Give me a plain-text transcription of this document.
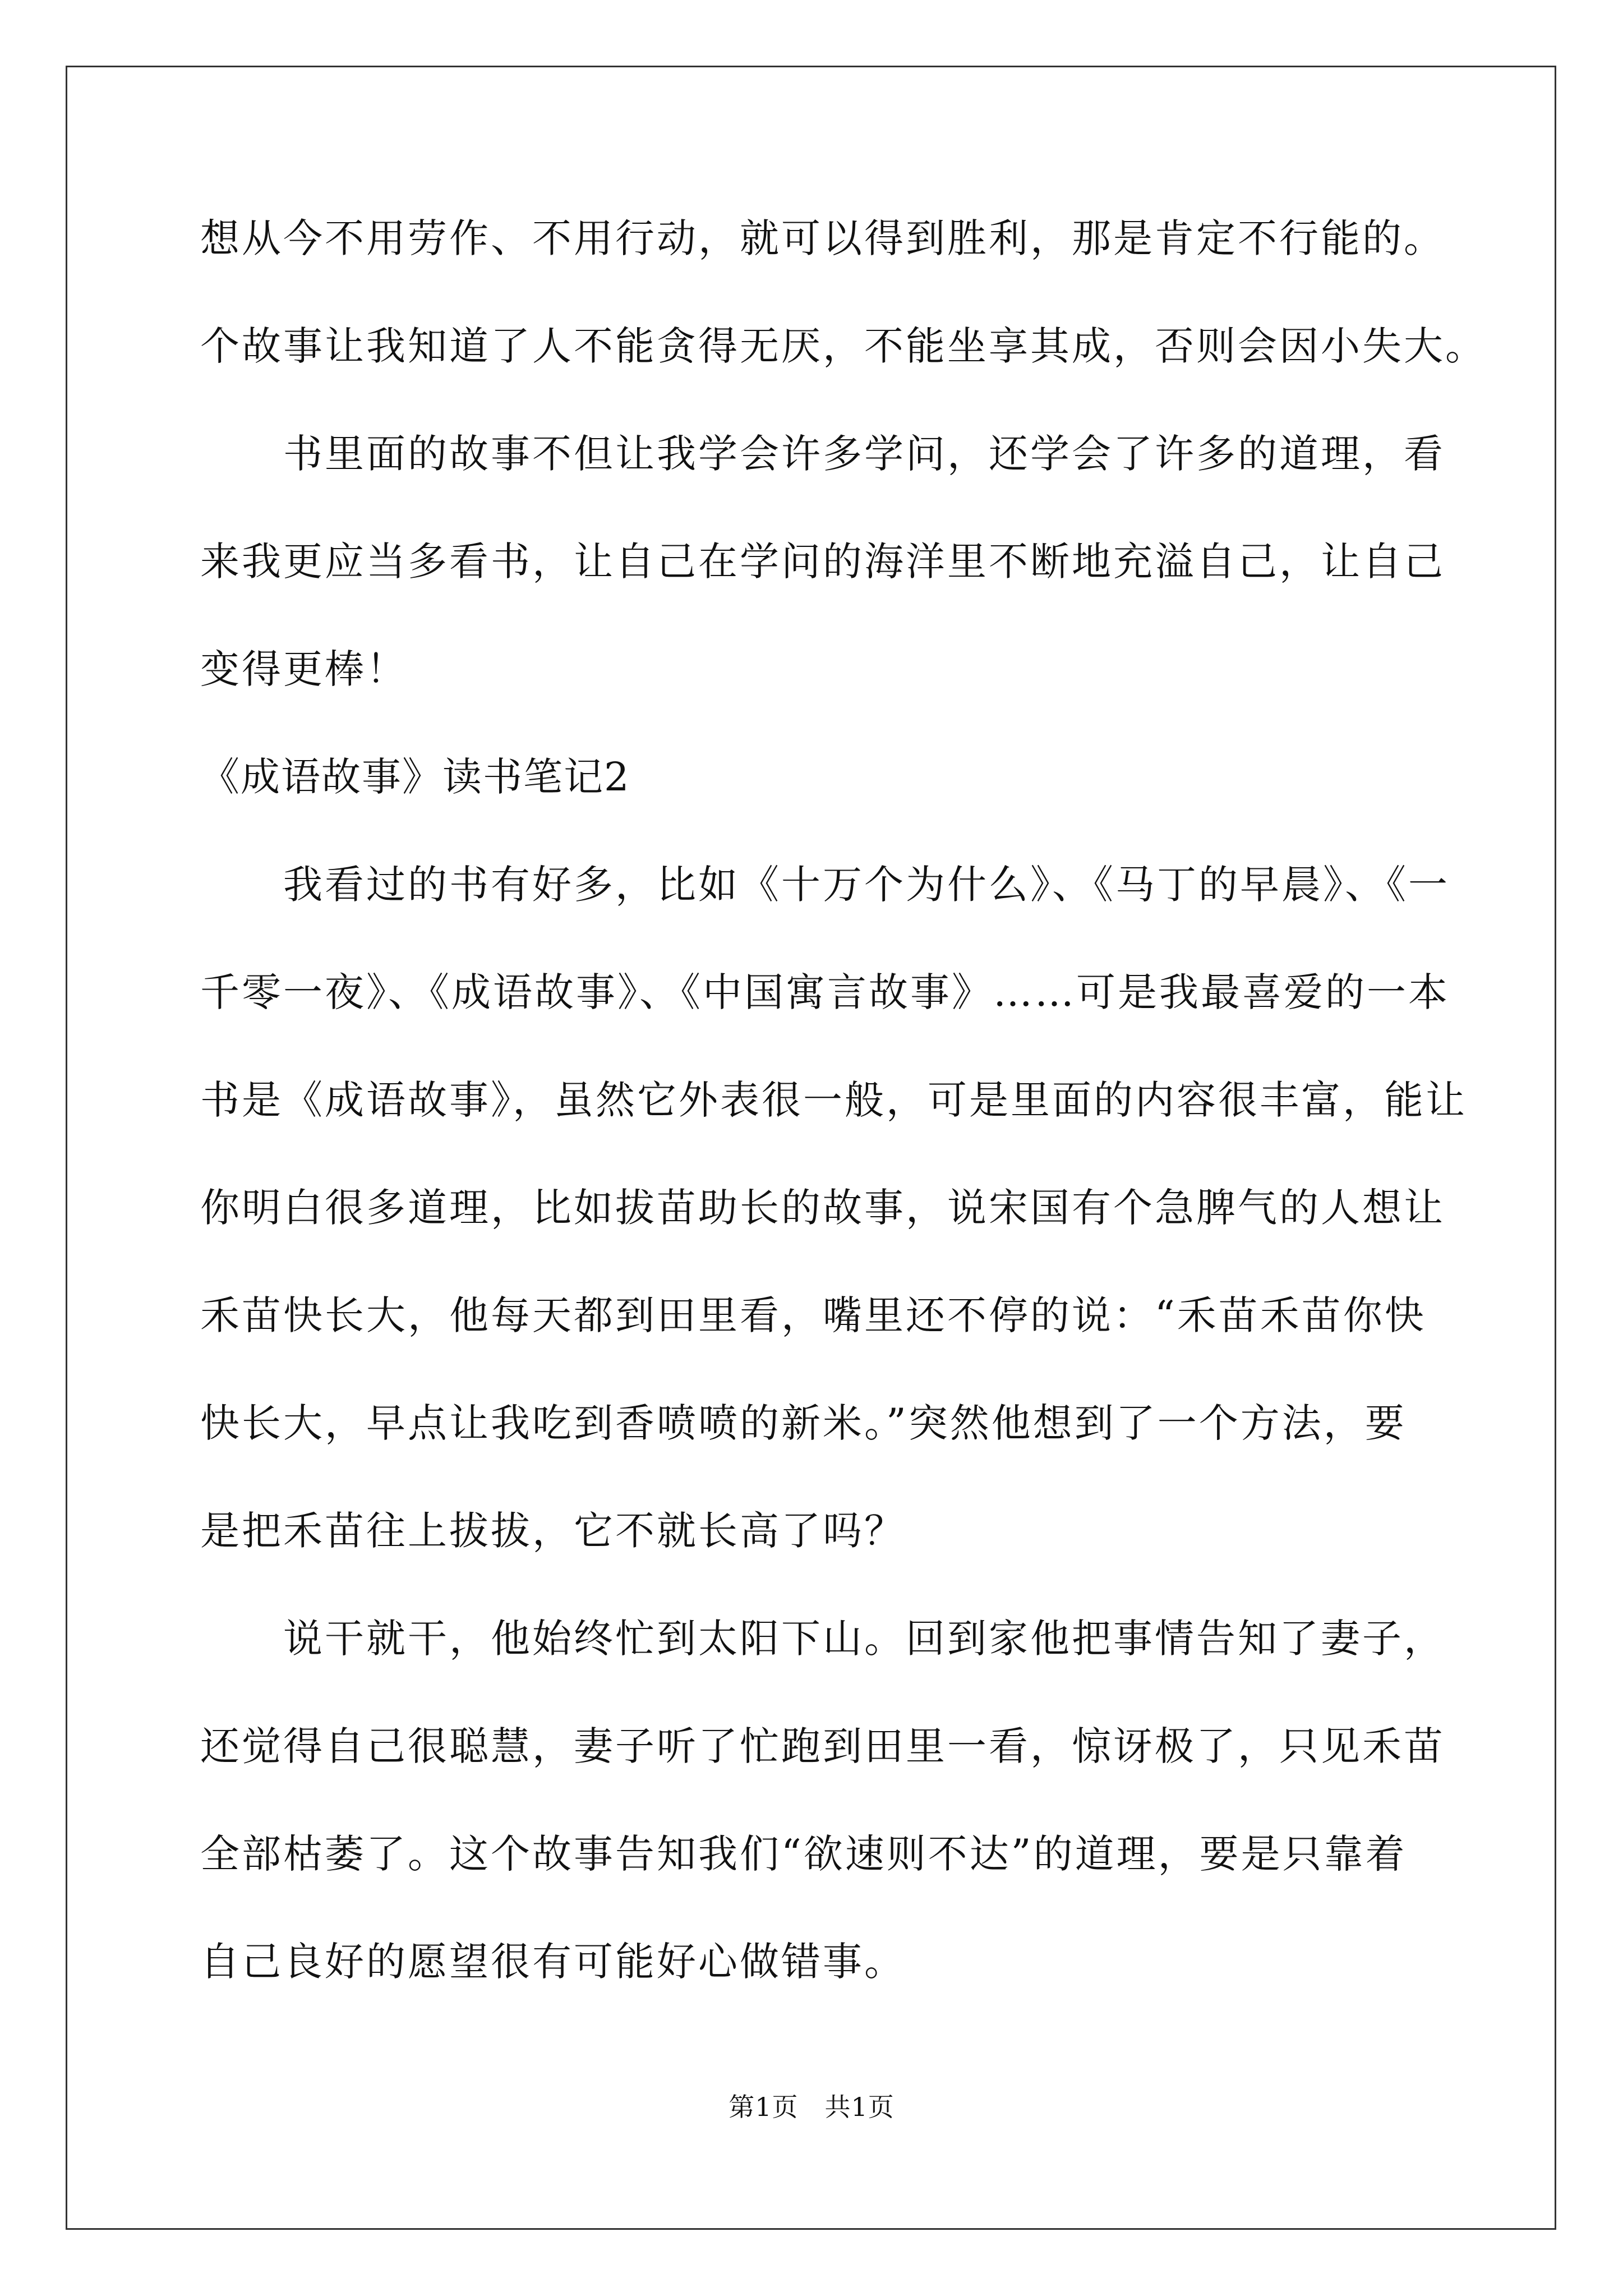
想从今不用劳作、不用行动，就可以得到胜利，那是肯定不行能的。
个故事让我知道了人不能贪得无厌，不能坐享其成，否则会因小失大。
书里面的故事不但让我学会许多学问，还学会了许多的道理，看
来我更应当多看书，让自己在学问的海洋里不断地充溢自己，让自己
变得更棒！
《成语故事》读书笔记2
我看过的书有好多，比如《十万个为什么》、《马丁的早晨》、《一
千零一夜》、《成语故事》、《中国寓言故事》……可是我最喜爱的一本
书是《成语故事》，虽然它外表很一般，可是里面的内容很丰富，能让
你明白很多道理，比如拔苗助长的故事，说宋国有个急脾气的人想让
禾苗快长大，他每天都到田里看，嘴里还不停的说：“禾苗禾苗你快
快长大，早点让我吃到香喷喷的新米。”突然他想到了一个方法，要
是把禾苗往上拔拔，它不就长高了吗？
说干就干，他始终忙到太阳下山。回到家他把事情告知了妻子，
还觉得自己很聪慧，妻子听了忙跑到田里一看，惊讶极了，只见禾苗
全部枯萎了。这个故事告知我们“欲速则不达”的道理，要是只靠着
自己良好的愿望很有可能好心做错事。
第1页 共1页
